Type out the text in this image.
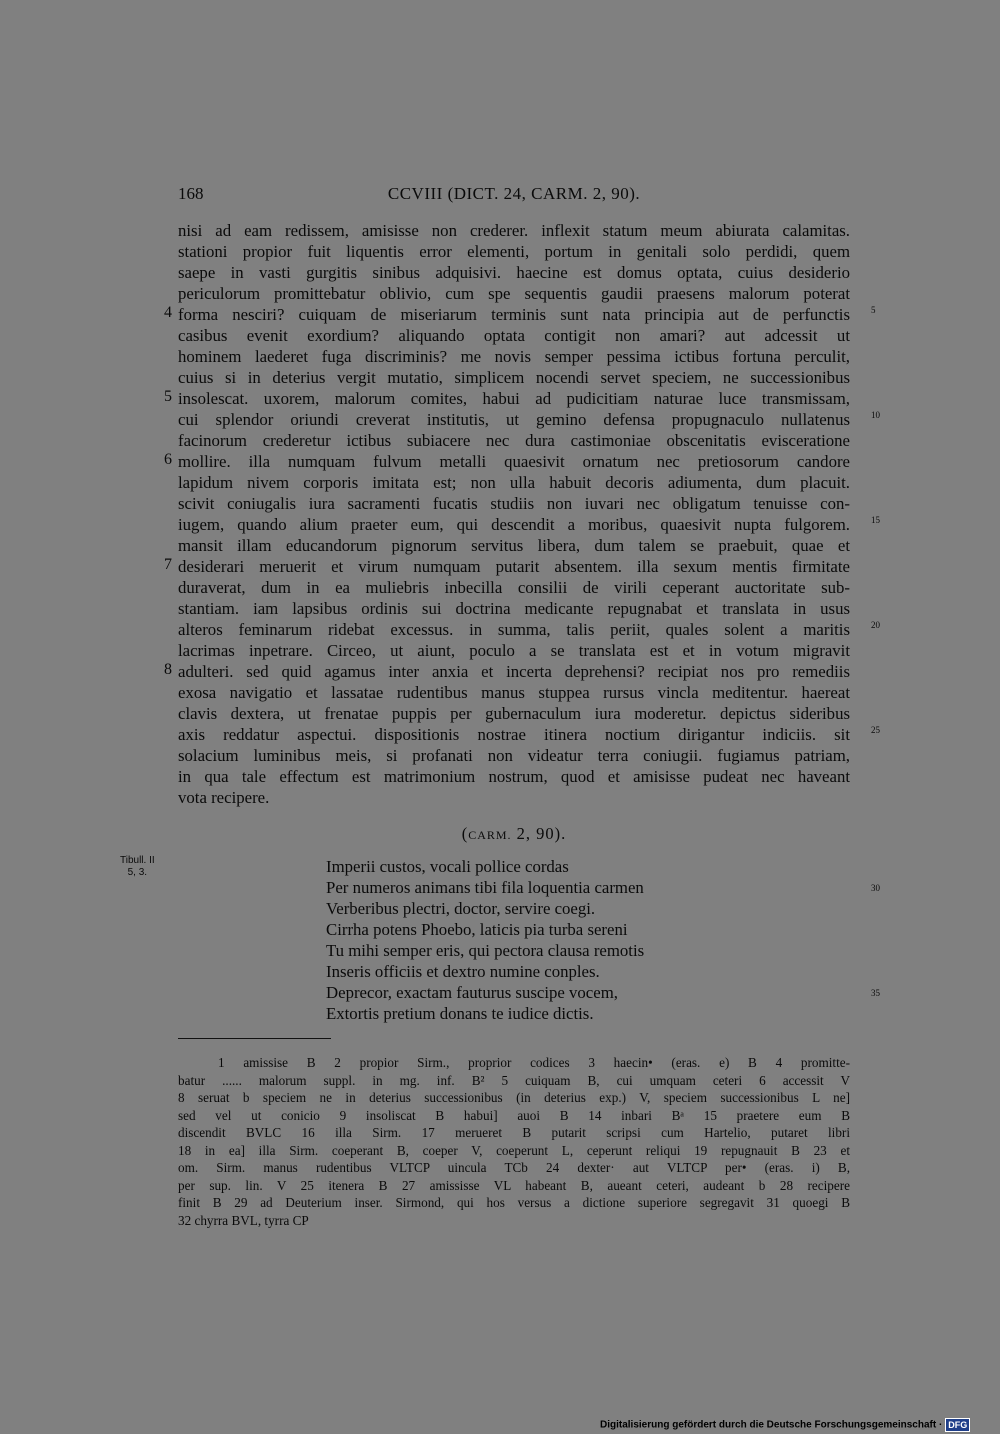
168	CCVIII (DICT. 24, CARM. 2, 90).
nisi ad eam redissem, amisisse non crederer. inflexit statum meum abiurata calamitas.
stationi propior fuit liquentis error elementi, portum in genitali solo perdidi, quem
saepe in vasti gurgitis sinibus adquisivi. haecine est domus optata, cuius desiderio
periculorum promittebatur oblivio, cum spe sequentis gaudii praesens malorum poterat
forma nesciri? cuiquam de miseriarum terminis sunt nata principia aut de perfunctis
4	5
casibus evenit exordium? aliquando optata contigit non amari? aut adcessit ut
hominem laederet fuga discriminis? me novis semper pessima ictibus fortuna perculit,
cuius si in deterius vergit mutatio, simplicem nocendi servet speciem, ne successionibus
insolescat. uxorem, malorum comites, habui ad pudicitiam naturae luce transmissam,
5
cui splendor oriundi creverat institutis, ut gemino defensa propugnaculo nullatenus 10
facinorum crederetur ictibus subiacere nec dura castimoniae obscenitatis evisceratione
mollire. illa numquam fulvum metalli quaesivit ornatum nec pretiosorum candore
6
lapidum nivem corporis imitata est; non ulla habuit decoris adiumenta, dum placuit.
scivit coniugalis iura sacramenti fucatis studiis non iuvari nec obligatum tenuisse con-
iugem, quando alium praeter eum, qui descendit a moribus, quaesivit nupta fulgorem. 15
mansit illam educandorum pignorum servitus libera, dum talem se praebuit, quae et
desiderari meruerit et virum numquam putarit absentem. illa sexum mentis firmitate
7
duraverat, dum in ea muliebris inbecilla consilii de virili ceperant auctoritate sub-
stantiam. iam lapsibus ordinis sui doctrina medicante repugnabat et translata in usus
alteros feminarum ridebat excessus. in summa, talis periit, quales solent a maritis 20
lacrimas inpetrare. Circeo, ut aiunt, poculo a se translata est et in votum migravit
adulteri. sed quid agamus inter anxia et incerta deprehensi? recipiat nos pro remediis
8
exosa navigatio et lassatae rudentibus manus stuppea rursus vincla meditentur. haereat
clavis dextera, ut frenatae puppis per gubernaculum iura moderetur. depictus sideribus
axis reddatur aspectui. dispositionis nostrae itinera noctium dirigantur indiciis. sit 25
solacium luminibus meis, si profanati non videatur terra coniugii. fugiamus patriam,
in qua tale effectum est matrimonium nostrum, quod et amisisse pudeat nec haveant
vota recipere.
(CARM. 2, 90).
Tibull. II
5, 3.	Imperii custos, vocali pollice cordas
Per numeros animans tibi fila loquentia carmen	30
Verberibus plectri, doctor, servire coegi.
Cirrha potens Phoebo, laticis pia turba sereni
Tu mihi semper eris, qui pectora clausa remotis
Inseris officiis et dextro numine conples.
Deprecor, exactam fauturus suscipe vocem,	35
Extortis pretium donans te iudice dictis.
1 amissise B 2 propior Sirm., proprior codices 3 haecin• (eras. e) B 4 promitte-
batur ...... malorum suppl. in mg. inf. B² 5 cuiquam B, cui umquam ceteri 6 accessit V
8 seruat b speciem ne in deterius successionibus (in deterius exp.) V, speciem successionibus L ne]
sed vel ut conicio 9 insoliscat B habui] auoi B 14 inbari Bᵃ 15 praetere eum B
discendit BVLC 16 illa Sirm. 17 merueret B putarit scripsi cum Hartelio, putaret libri
18 in ea] illa Sirm. coeperant B, coeper V, coeperunt L, ceperunt reliqui 19 repugnauit B 23 et
om. Sirm. manus rudentibus VLTCP uincula TCb 24 dexter· aut VLTCP per• (eras. i) B,
per sup. lin. V 25 itenera B 27 amississe VL habeant B, aueant ceteri, audeant b 28 recipere
finit B 29 ad Deuterium inser. Sirmond, qui hos versus a dictione superiore segregavit 31 quoegi B
32 chyrra BVL, tyrra CP
Digitalisierung gefördert durch die Deutsche Forschungsgemeinschaft · DFG
